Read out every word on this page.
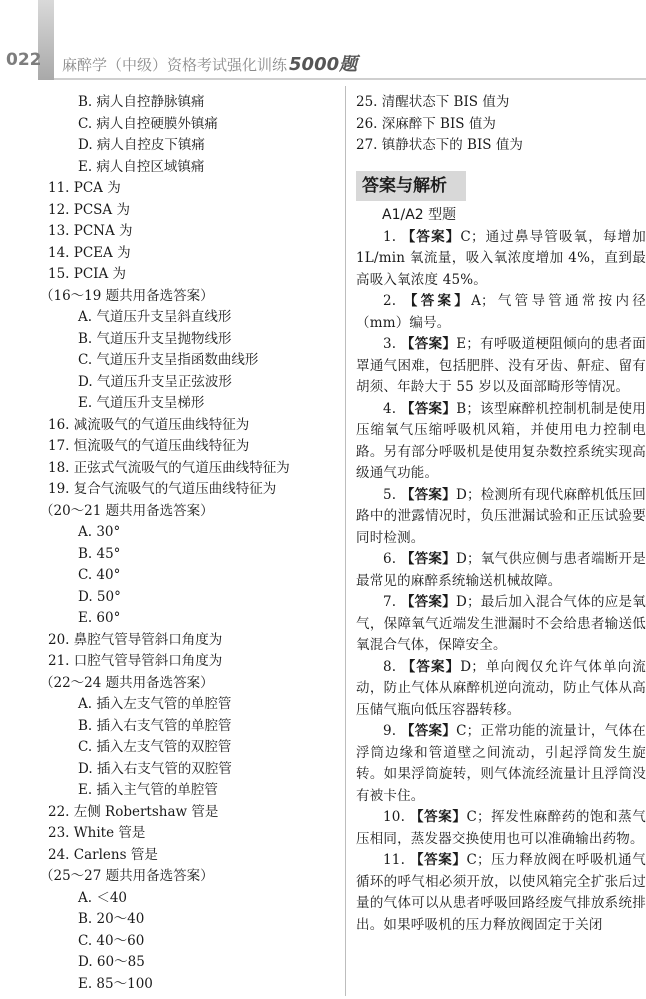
022 麻醉学（中级）资格考试强化训练 5000题
B. 病人自控静脉镇痛
C. 病人自控硬膜外镇痛
D. 病人自控皮下镇痛
E. 病人自控区域镇痛
11. PCA 为
12. PCSA 为
13. PCNA 为
14. PCEA 为
15. PCIA 为
（16～19 题共用备选答案）
A. 气道压升支呈斜直线形
B. 气道压升支呈抛物线形
C. 气道压升支呈指函数曲线形
D. 气道压升支呈正弦波形
E. 气道压升支呈梯形
16. 减流吸气的气道压曲线特征为
17. 恒流吸气的气道压曲线特征为
18. 正弦式气流吸气的气道压曲线特征为
19. 复合气流吸气的气道压曲线特征为
（20～21 题共用备选答案）
A. 30°
B. 45°
C. 40°
D. 50°
E. 60°
20. 鼻腔气管导管斜口角度为
21. 口腔气管导管斜口角度为
（22～24 题共用备选答案）
A. 插入左支气管的单腔管
B. 插入右支气管的单腔管
C. 插入左支气管的双腔管
D. 插入右支气管的双腔管
E. 插入主气管的单腔管
22. 左侧 Robertshaw 管是
23. White 管是
24. Carlens 管是
（25～27 题共用备选答案）
A. ＜40
B. 20～40
C. 40～60
D. 60～85
E. 85～100
25. 清醒状态下 BIS 值为
26. 深麻醉下 BIS 值为
27. 镇静状态下的 BIS 值为
答案与解析
A1/A2 型题
1. 【答案】C；通过鼻导管吸氧，每增加 1L/min 氧流量，吸入氧浓度增加 4%，直到最高吸入氧浓度 45%。
2. 【答案】A；气管导管通常按内径（mm）编号。
3. 【答案】E；有呼吸道梗阻倾向的患者面罩通气困难，包括肥胖、没有牙齿、鼾症、留有胡须、年龄大于 55 岁以及面部畸形等情况。
4. 【答案】B；该型麻醉机控制机制是使用压缩氧气压缩呼吸机风箱，并使用电力控制电路。另有部分呼吸机是使用复杂数控系统实现高级通气功能。
5. 【答案】D；检测所有现代麻醉机低压回路中的泄露情况时，负压泄漏试验和正压试验要同时检测。
6. 【答案】D；氧气供应侧与患者端断开是最常见的麻醉系统输送机械故障。
7. 【答案】D；最后加入混合气体的应是氧气，保障氧气近端发生泄漏时不会给患者输送低氧混合气体，保障安全。
8. 【答案】D；单向阀仅允许气体单向流动，防止气体从麻醉机逆向流动，防止气体从高压储气瓶向低压容器转移。
9. 【答案】C；正常功能的流量计，气体在浮筒边缘和管道壁之间流动，引起浮筒发生旋转。如果浮筒旋转，则气体流经流量计且浮筒没有被卡住。
10. 【答案】C；挥发性麻醉药的饱和蒸气压相同，蒸发器交换使用也可以准确输出药物。
11. 【答案】C；压力释放阀在呼吸机通气循环的呼气相必须开放，以使风箱完全扩张后过量的气体可以从患者呼吸回路经废气排放系统排出。如果呼吸机的压力释放阀固定于关闭
